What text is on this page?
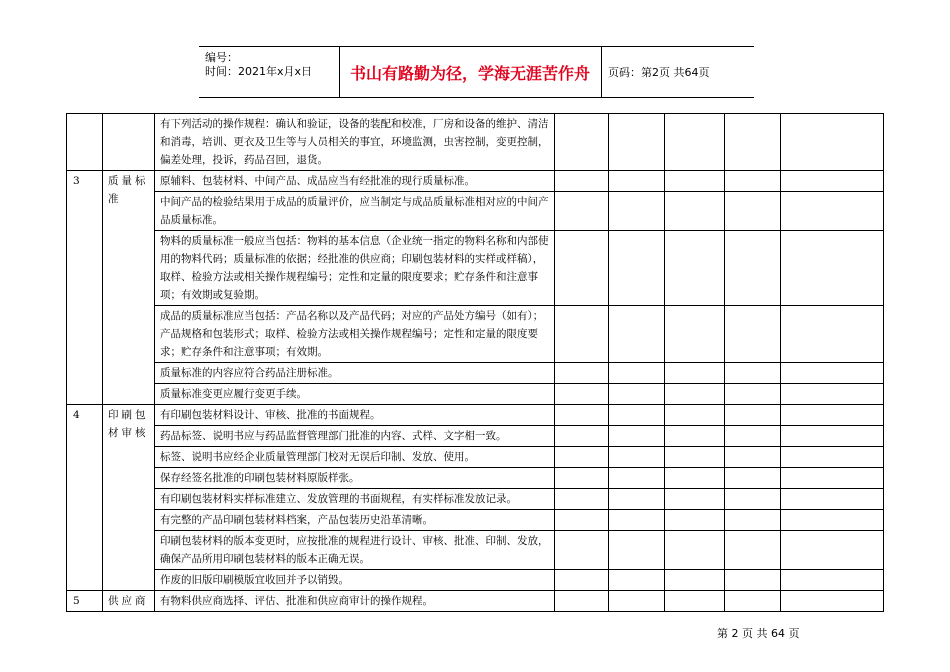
编号：
时间：2021年x月x日	书山有路勤为径，学海无涯苦作舟	页码：第2页 共64页
		有下列活动的操作规程：确认和验证，设备的装配和校准，厂房和设备的维护、清洁和消毒，培训、更衣及卫生等与人员相关的事宜，环境监测，虫害控制，变更控制，偏差处理，投诉，药品召回，退货。					
3	质量标准	原辅料、包装材料、中间产品、成品应当有经批准的现行质量标准。					
		中间产品的检验结果用于成品的质量评价，应当制定与成品质量标准相对应的中间产品质量标准。					
		物料的质量标准一般应当包括：物料的基本信息（企业统一指定的物料名称和内部使用的物料代码；质量标准的依据；经批准的供应商；印刷包装材料的实样或样稿），取样、检验方法或相关操作规程编号；定性和定量的限度要求；贮存条件和注意事项；有效期或复验期。					
		成品的质量标准应当包括：产品名称以及产品代码；对应的产品处方编号（如有）；产品规格和包装形式；取样、检验方法或相关操作规程编号；定性和定量的限度要求；贮存条件和注意事项；有效期。					
		质量标准的内容应符合药品注册标准。					
		质量标准变更应履行变更手续。					
4	印刷包材审核	有印刷包装材料设计、审核、批准的书面规程。					
		药品标签、说明书应与药品监督管理部门批准的内容、式样、文字相一致。					
		标签、说明书应经企业质量管理部门校对无误后印制、发放、使用。					
		保存经签名批准的印刷包装材料原版样张。					
		有印刷包装材料实样标准建立、发放管理的书面规程，有实样标准发放记录。					
		有完整的产品印刷包装材料档案，产品包装历史沿革清晰。					
		印刷包装材料的版本变更时，应按批准的规程进行设计、审核、批准、印制、发放，确保产品所用印刷包装材料的版本正确无误。					
		作废的旧版印刷模版宜收回并予以销毁。					
5	供应商	有物料供应商选择、评估、批准和供应商审计的操作规程。					
第 2 页 共 64 页
